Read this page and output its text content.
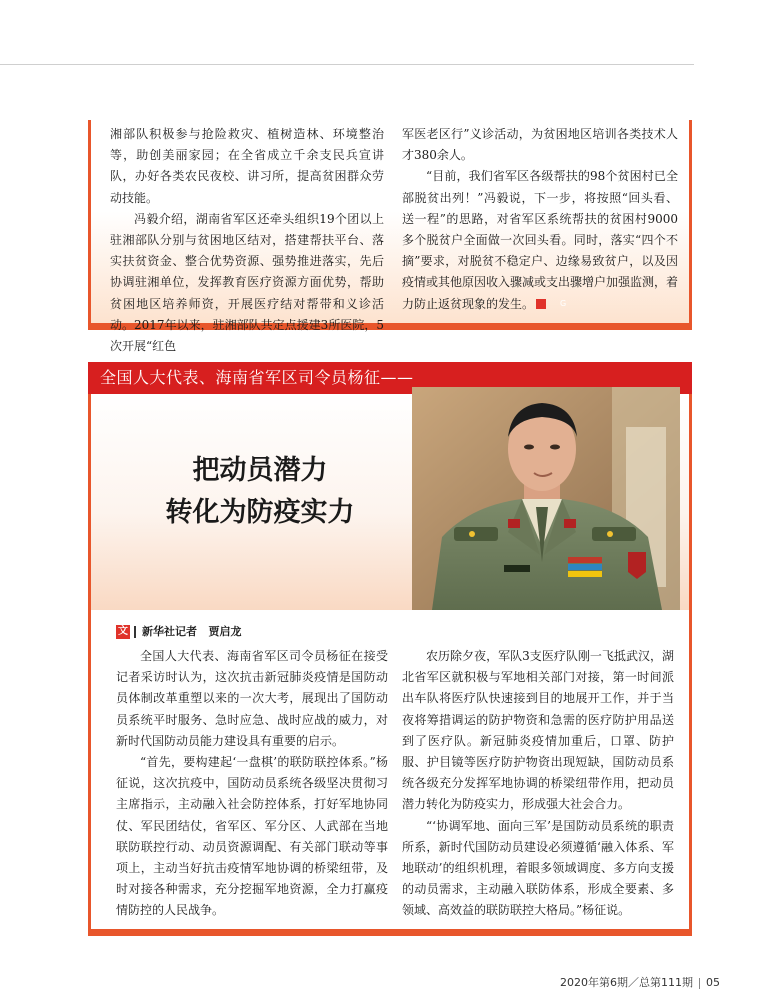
湘部队积极参与抢险救灾、植树造林、环境整治等，助创美丽家园；在全省成立千余支民兵宣讲队，办好各类农民夜校、讲习所，提高贫困群众劳动技能。

冯毅介绍，湖南省军区还牵头组织19个团以上驻湘部队分别与贫困地区结对，搭建帮扶平台、落实扶贫资金、整合优势资源、强势推进落实，先后协调驻湘单位，发挥教育医疗资源方面优势，帮助贫困地区培养师资，开展医疗结对帮带和义诊活动。2017年以来，驻湘部队共定点援建3所医院，5次开展“红色

军医老区行”义诊活动，为贫困地区培训各类技术人才380余人。

“目前，我们省军区各级帮扶的98个贫困村已全部脱贫出列！”冯毅说，下一步，将按照“回头看、送一程”的思路，对省军区系统帮扶的贫困村9000多个脱贫户全面做一次回头看。同时，落实“四个不摘”要求，对脱贫不稳定户、边缘易致贫户，以及因疫情或其他原因收入骤减或支出骤增户加强监测，着力防止返贫现象的发生。	G

全国人大代表、海南省军区司令员杨征——
把动员潜力
转化为防疫实力
文 新华社记者 贾启龙

全国人大代表、海南省军区司令员杨征在接受记者采访时认为，这次抗击新冠肺炎疫情是国防动员体制改革重塑以来的一次大考，展现出了国防动员系统平时服务、急时应急、战时应战的威力，对新时代国防动员能力建设具有重要的启示。

“首先，要构建起‘一盘棋’的联防联控体系。”杨征说，这次抗疫中，国防动员系统各级坚决贯彻习主席指示，主动融入社会防控体系，打好军地协同仗、军民团结仗，省军区、军分区、人武部在当地联防联控行动、动员资源调配、有关部门联动等事项上，主动当好抗击疫情军地协调的桥梁纽带，及时对接各种需求，充分挖掘军地资源，全力打赢疫情防控的人民战争。

农历除夕夜，军队3支医疗队刚一飞抵武汉，湖北省军区就积极与军地相关部门对接，第一时间派出车队将医疗队快速接到目的地展开工作，并于当夜将筹措调运的防护物资和急需的医疗防护用品送到了医疗队。新冠肺炎疫情加重后，口罩、防护服、护目镜等医疗防护物资出现短缺，国防动员系统各级充分发挥军地协调的桥梁纽带作用，把动员潜力转化为防疫实力，形成强大社会合力。

“‘协调军地、面向三军’是国防动员系统的职责所系，新时代国防动员建设必须遵循‘融入体系、军地联动’的组织机理，着眼多领域调度、多方向支援的动员需求，主动融入联防体系，形成全要素、多领域、高效益的联防联控大格局。”杨征说。

2020年第6期／总第111期 05
